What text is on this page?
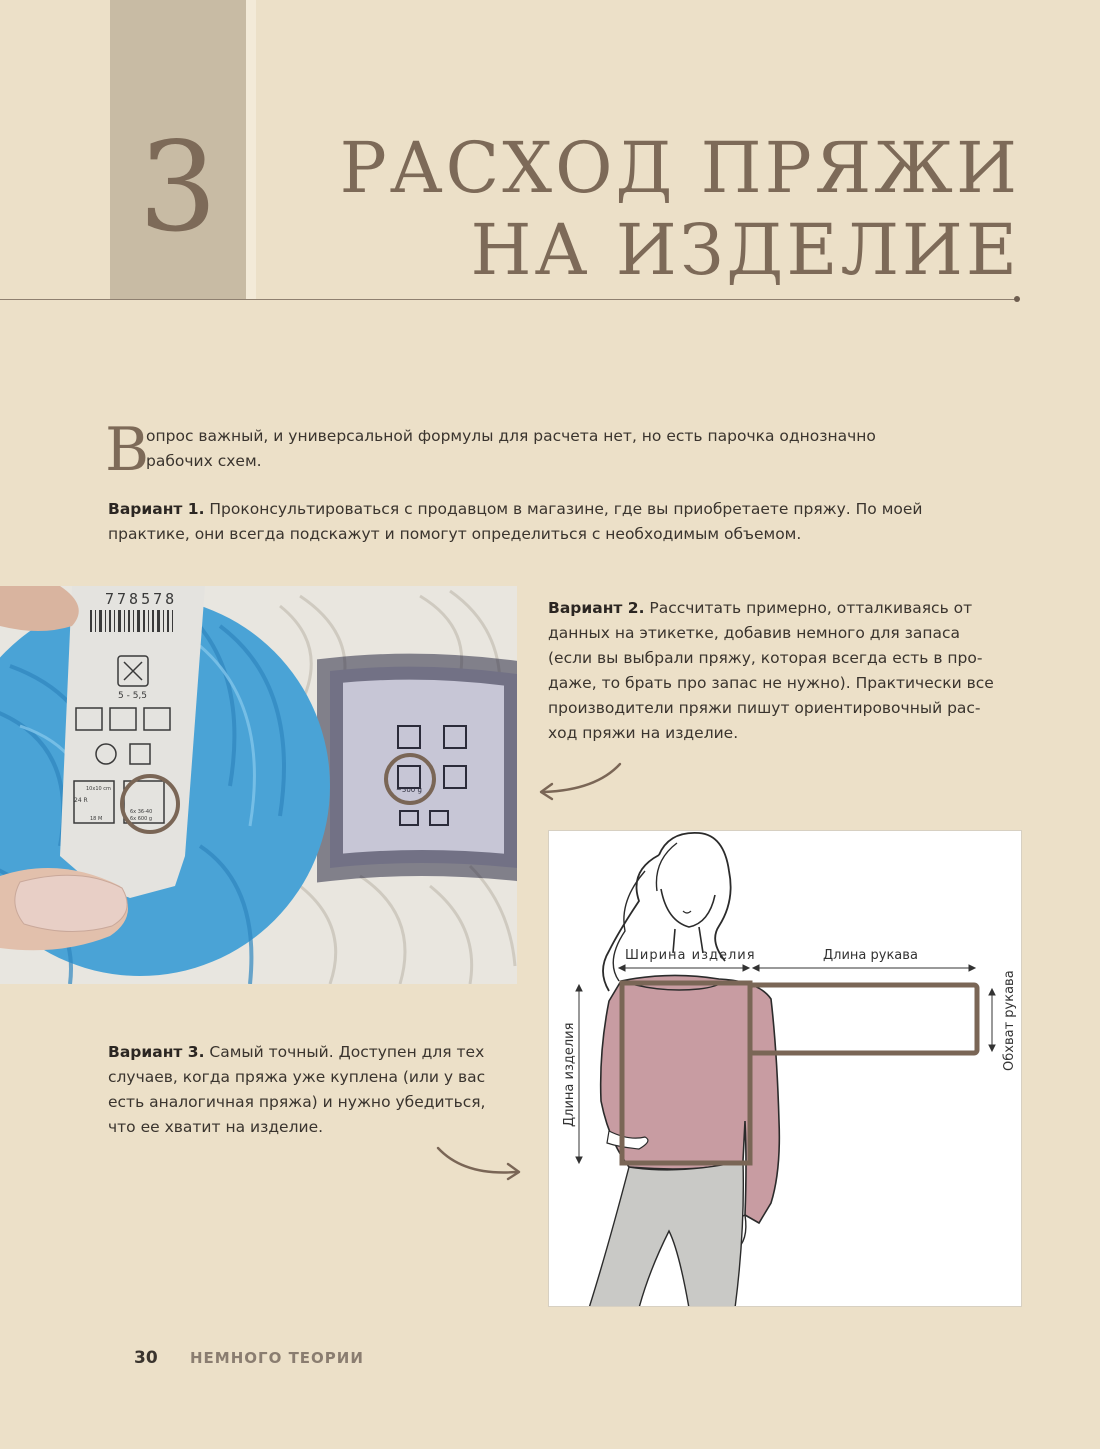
3	РАСХОД ПРЯЖИ
НА ИЗДЕЛИЕ
В
опрос важный, и универсальной формулы для расчета нет, но есть парочка однозначно
рабочих схем.
Вариант 1. Проконсультироваться с продавцом в магазине, где вы приобретаете пряжу. По моей
практике, они всегда подскажут и помогут определиться с необходимым объемом.
~500 g
778578
5 - 5,5
10x10 cm
24 R
18 M
6x 36-40
6x 600 g
Вариант 2. Рассчитать примерно, отталкиваясь от
данных на этикетке, добавив немного для запаса
(если вы выбрали пряжу, которая всегда есть в про-
даже, то брать про запас не нужно). Практически все
производители пряжи пишут ориентировочный рас-
ход пряжи на изделие.
Ширина изделия	Длина рукава
Длина изделия
Обхват рукава
Вариант 3. Самый точный. Доступен для тех
случаев, когда пряжа уже куплена (или у вас
есть аналогичная пряжа) и нужно убедиться,
что ее хватит на изделие.
30 НЕМНОГО ТЕОРИИ
